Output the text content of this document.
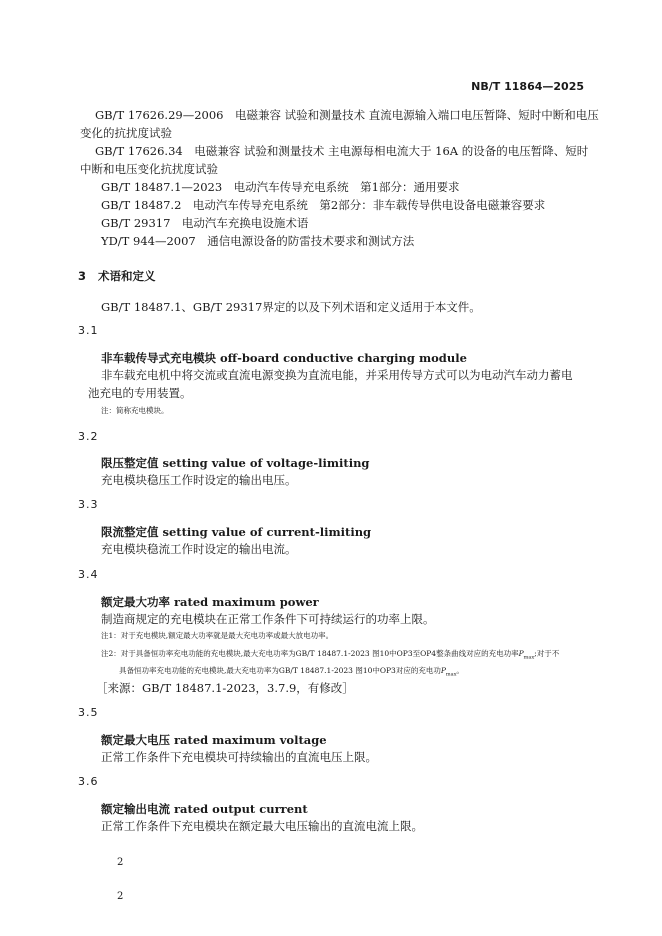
NB/T 11864—2025
GB/T 17626.29—2006　电磁兼容 试验和测量技术 直流电源输入端口电压暂降、短时中断和电压
变化的抗扰度试验
GB/T 17626.34　电磁兼容 试验和测量技术 主电源每相电流大于 16A 的设备的电压暂降、短时
中断和电压变化抗扰度试验
GB/T 18487.1—2023　电动汽车传导充电系统　第1部分：通用要求
GB/T 18487.2　电动汽车传导充电系统　第2部分：非车载传导供电设备电磁兼容要求
GB/T 29317　电动汽车充换电设施术语
YD/T 944—2007　通信电源设备的防雷技术要求和测试方法
3 术语和定义
GB/T 18487.1、GB/T 29317界定的以及下列术语和定义适用于本文件。
3.1
非车载传导式充电模块 off-board conductive charging module
非车载充电机中将交流或直流电源变换为直流电能，并采用传导方式可以为电动汽车动力蓄电
池充电的专用装置。
注：简称充电模块。
3.2
限压整定值 setting value of voltage-limiting
充电模块稳压工作时设定的输出电压。
3.3
限流整定值 setting value of current-limiting
充电模块稳流工作时设定的输出电流。
3.4
额定最大功率 rated maximum power
制造商规定的充电模块在正常工作条件下可持续运行的功率上限。
注1：对于充电模块,额定最大功率就是最大充电功率或最大放电功率。
注2：对于具备恒功率充电功能的充电模块,最大充电功率为GB/T 18487.1-2023 图10中OP3至OP4整条曲线对应的充电功率$P_{max}$;对于不
具备恒功率充电功能的充电模块,最大充电功率为GB/T 18487.1-2023 图10中OP3对应的充电功$P_{max}$。
［来源：GB/T 18487.1-2023，3.7.9，有修改］
3.5
额定最大电压 rated maximum voltage
正常工作条件下充电模块可持续输出的直流电压上限。
3.6
额定输出电流 rated output current
正常工作条件下充电模块在额定最大电压输出的直流电流上限。
2
2
